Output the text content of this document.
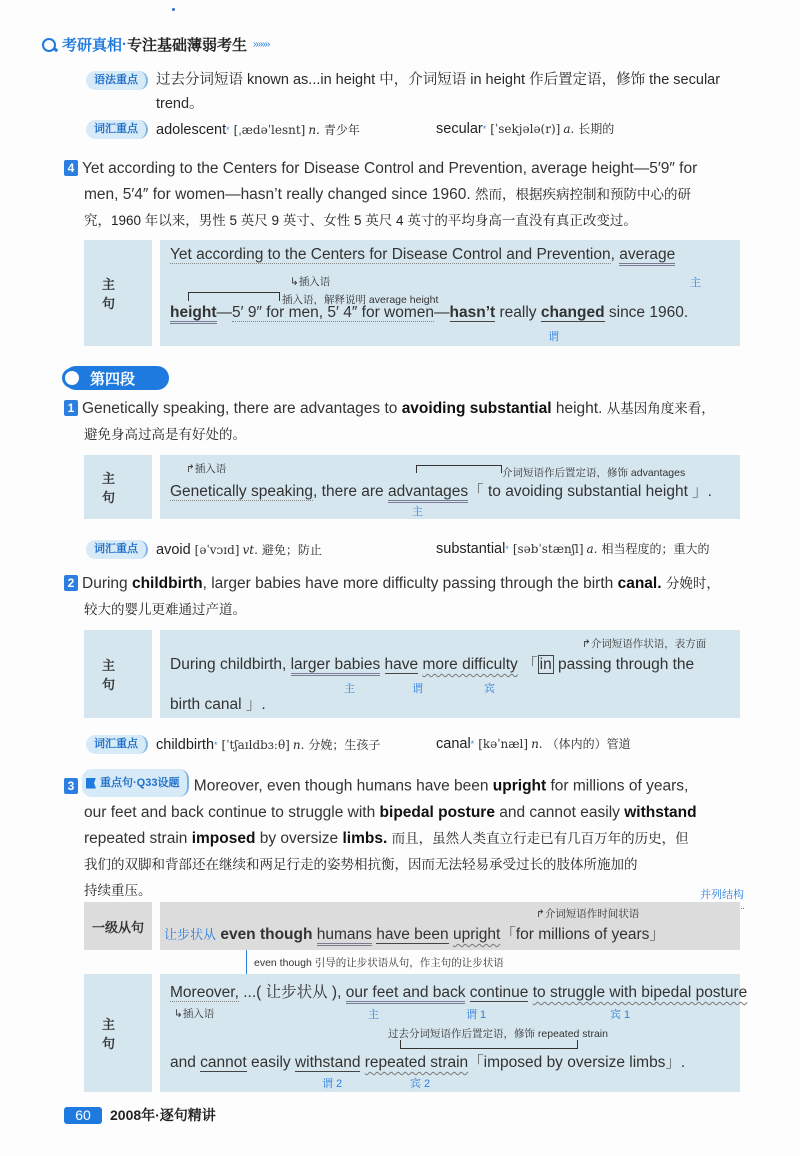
考研真相 · 专注基础薄弱考生 ›››››››
语法重点	过去分词短语 known as...in height 中，介词短语 in height 作后置定语，修饰 the secular
trend。
词汇重点	adolescent * [ˌædəˈlesnt] n. 青少年	secular * [ˈsekjələ(r)] a. 长期的
4 Yet according to the Centers for Disease Control and Prevention, average height—5′9″ for
men, 5′4″ for women—hasn’t really changed since 1960. 然而，根据疾病控制和预防中心的研
究，1960 年以来，男性 5 英尺 9 英寸、女性 5 英尺 4 英寸的平均身高一直没有真正改变过。
主 句
Yet according to the Centers for Disease Control and Prevention, average
↳插入语	主
插入语，解释说明 average height
height—5′ 9″ for men, 5′ 4″ for women—hasn’t really changed since 1960.
谓
第四段
1 Genetically speaking, there are advantages to avoiding substantial height. 从基因角度来看，
避免身高过高是有好处的。
主 句
↱插入语	介词短语作后置定语，修饰 advantages
Genetically speaking, there are advantages「 to avoiding substantial height 」.
主
词汇重点	avoid [əˈvɔɪd] vt. 避免；防止	substantial * [səbˈstænʃl] a. 相当程度的；重大的
2 During childbirth, larger babies have more difficulty passing through the birth canal. 分娩时，
较大的婴儿更难通过产道。
主 句
↱介词短语作状语，表方面
During childbirth, larger babies have more difficulty 「 in passing through the
主	谓	宾
birth canal 」.
词汇重点	childbirth * [ˈtʃaɪldbɜːθ] n. 分娩；生孩子	canal * [kəˈnæl] n. （体内的）管道
3 重点句·Q33设题 Moreover, even though humans have been upright for millions of years,
our feet and back continue to struggle with bipedal posture and cannot easily withstand
repeated strain imposed by oversize limbs. 而且，虽然人类直立行走已有几百万年的历史，但
我们的双脚和背部还在继续和两足行走的姿势相抗衡，因而无法轻易承受过长的肢体所施加的
持续重压。	并列结构
一级从句
↱介词短语作时间状语
让步状从 even though humans have been upright「for millions of years」
even though 引导的让步状语从句，作主句的让步状语
主 句
Moreover, ...( 让步状从 ), our feet and back continue to struggle with bipedal posture
↳插入语	主	谓 1	宾 1
过去分词短语作后置定语，修饰 repeated strain
and cannot easily withstand repeated strain「imposed by oversize limbs」.
谓 2	宾 2
60	2008年·逐句精讲
